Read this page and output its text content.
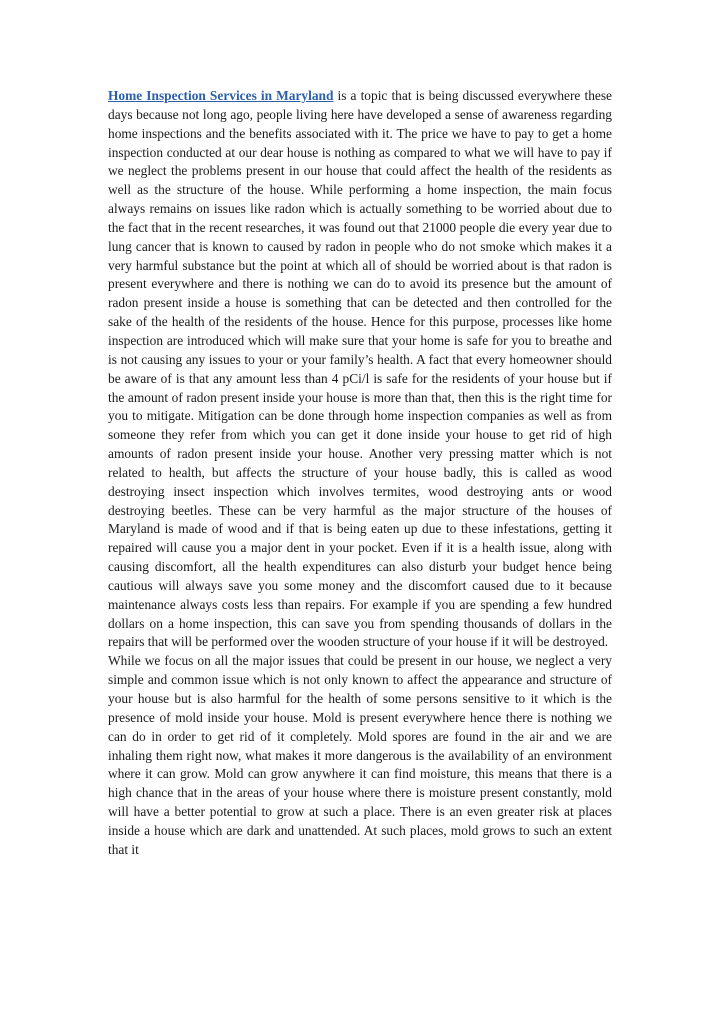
Home Inspection Services in Maryland is a topic that is being discussed everywhere these days because not long ago, people living here have developed a sense of awareness regarding home inspections and the benefits associated with it. The price we have to pay to get a home inspection conducted at our dear house is nothing as compared to what we will have to pay if we neglect the problems present in our house that could affect the health of the residents as well as the structure of the house. While performing a home inspection, the main focus always remains on issues like radon which is actually something to be worried about due to the fact that in the recent researches, it was found out that 21000 people die every year due to lung cancer that is known to caused by radon in people who do not smoke which makes it a very harmful substance but the point at which all of should be worried about is that radon is present everywhere and there is nothing we can do to avoid its presence but the amount of radon present inside a house is something that can be detected and then controlled for the sake of the health of the residents of the house. Hence for this purpose, processes like home inspection are introduced which will make sure that your home is safe for you to breathe and is not causing any issues to your or your family’s health. A fact that every homeowner should be aware of is that any amount less than 4 pCi/l is safe for the residents of your house but if the amount of radon present inside your house is more than that, then this is the right time for you to mitigate. Mitigation can be done through home inspection companies as well as from someone they refer from which you can get it done inside your house to get rid of high amounts of radon present inside your house. Another very pressing matter which is not related to health, but affects the structure of your house badly, this is called as wood destroying insect inspection which involves termites, wood destroying ants or wood destroying beetles. These can be very harmful as the major structure of the houses of Maryland is made of wood and if that is being eaten up due to these infestations, getting it repaired will cause you a major dent in your pocket. Even if it is a health issue, along with causing discomfort, all the health expenditures can also disturb your budget hence being cautious will always save you some money and the discomfort caused due to it because maintenance always costs less than repairs. For example if you are spending a few hundred dollars on a home inspection, this can save you from spending thousands of dollars in the repairs that will be performed over the wooden structure of your house if it will be destroyed.

While we focus on all the major issues that could be present in our house, we neglect a very simple and common issue which is not only known to affect the appearance and structure of your house but is also harmful for the health of some persons sensitive to it which is the presence of mold inside your house. Mold is present everywhere hence there is nothing we can do in order to get rid of it completely. Mold spores are found in the air and we are inhaling them right now, what makes it more dangerous is the availability of an environment where it can grow. Mold can grow anywhere it can find moisture, this means that there is a high chance that in the areas of your house where there is moisture present constantly, mold will have a better potential to grow at such a place. There is an even greater risk at places inside a house which are dark and unattended. At such places, mold grows to such an extent that it
